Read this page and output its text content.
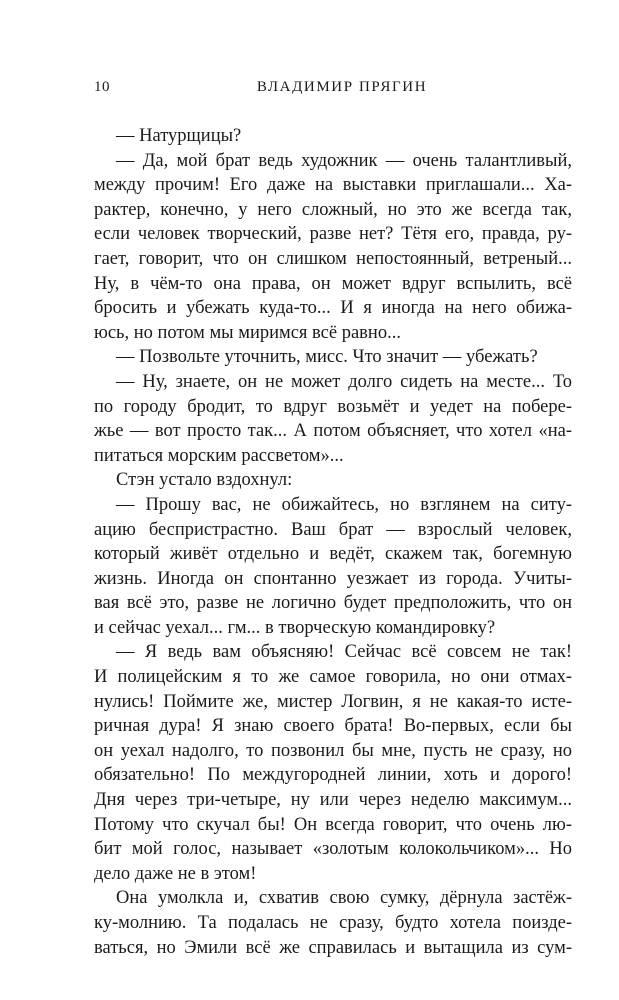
10	ВЛАДИМИР ПРЯГИН
— Натурщицы?
— Да, мой брат ведь художник — очень талантливый,
между прочим! Его даже на выставки приглашали... Ха-
рактер, конечно, у него сложный, но это же всегда так,
если человек творческий, разве нет? Тётя его, правда, ру-
гает, говорит, что он слишком непостоянный, ветреный...
Ну, в чём-то она права, он может вдруг вспылить, всё
бросить и убежать куда-то... И я иногда на него обижа-
юсь, но потом мы миримся всё равно...
— Позвольте уточнить, мисс. Что значит — убежать?
— Ну, знаете, он не может долго сидеть на месте... То
по городу бродит, то вдруг возьмёт и уедет на побере-
жье — вот просто так... А потом объясняет, что хотел «на-
питаться морским рассветом»...
Стэн устало вздохнул:
— Прошу вас, не обижайтесь, но взглянем на ситу-
ацию беспристрастно. Ваш брат — взрослый человек,
который живёт отдельно и ведёт, скажем так, богемную
жизнь. Иногда он спонтанно уезжает из города. Учиты-
вая всё это, разве не логично будет предположить, что он
и сейчас уехал... гм... в творческую командировку?
— Я ведь вам объясняю! Сейчас всё совсем не так!
И полицейским я то же самое говорила, но они отмах-
нулись! Поймите же, мистер Логвин, я не какая-то исте-
ричная дура! Я знаю своего брата! Во-первых, если бы
он уехал надолго, то позвонил бы мне, пусть не сразу, но
обязательно! По междугородней линии, хоть и дорого!
Дня через три-четыре, ну или через неделю максимум...
Потому что скучал бы! Он всегда говорит, что очень лю-
бит мой голос, называет «золотым колокольчиком»... Но
дело даже не в этом!
Она умолкла и, схватив свою сумку, дёрнула застёж-
ку-молнию. Та подалась не сразу, будто хотела поизде-
ваться, но Эмили всё же справилась и вытащила из сум-
